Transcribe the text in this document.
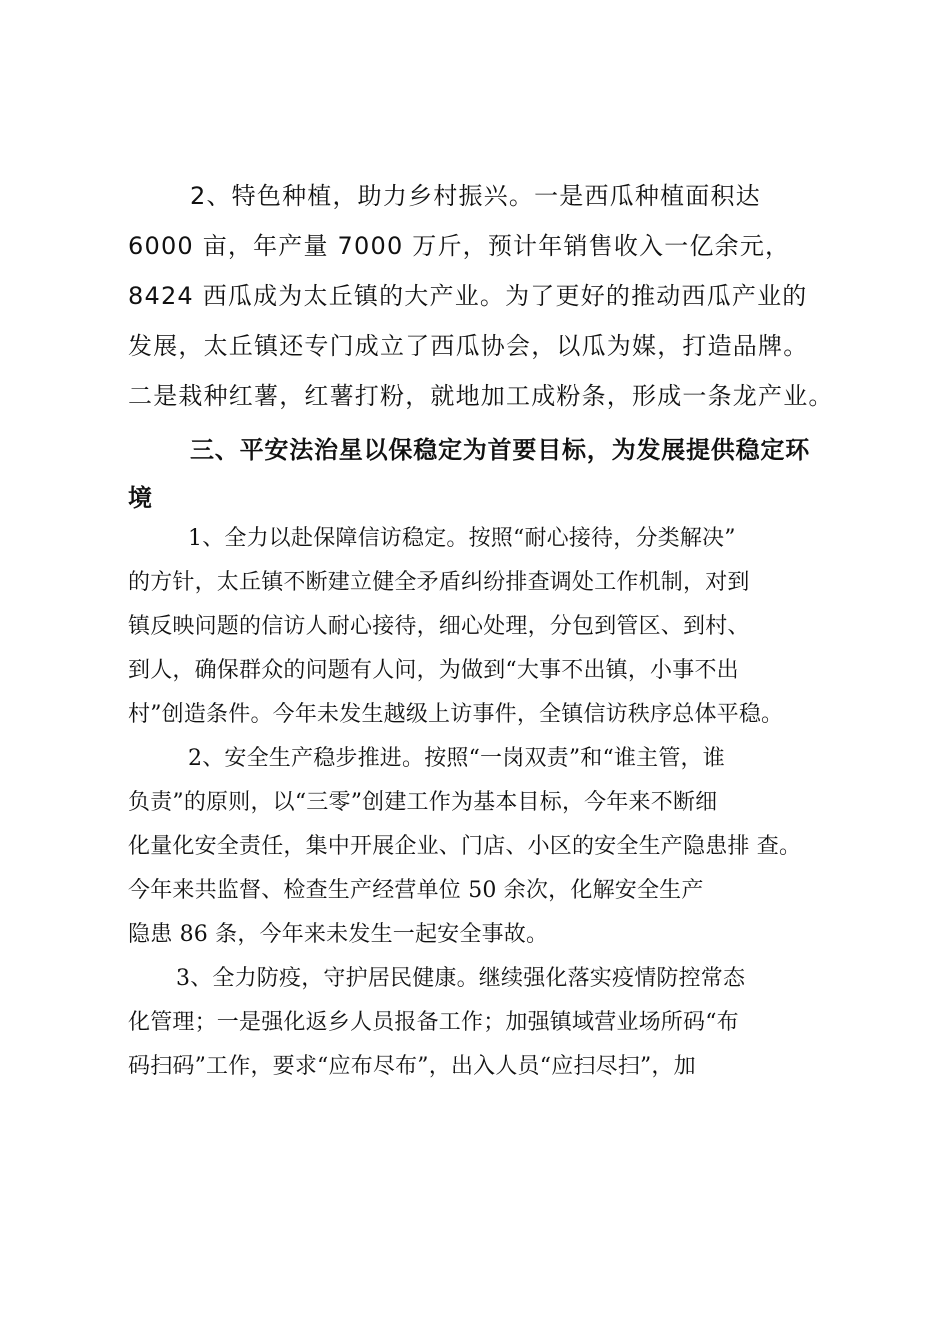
2、特色种植，助力乡村振兴。一是西瓜种植面积达
6000 亩，年产量 7000 万斤，预计年销售收入一亿余元，
8424 西瓜成为太丘镇的大产业。为了更好的推动西瓜产业的
发展，太丘镇还专门成立了西瓜协会，以瓜为媒，打造品牌。
二是栽种红薯，红薯打粉，就地加工成粉条，形成一条龙产业。
三、平安法治星以保稳定为首要目标，为发展提供稳定环
境
1、全力以赴保障信访稳定。按照“耐心接待，分类解决”
的方针，太丘镇不断建立健全矛盾纠纷排查调处工作机制，对到
镇反映问题的信访人耐心接待，细心处理，分包到管区、到村、
到人，确保群众的问题有人问，为做到“大事不出镇，小事不出
村”创造条件。今年未发生越级上访事件，全镇信访秩序总体平稳。
2、安全生产稳步推进。按照“一岗双责”和“谁主管，谁
负责”的原则，以“三零”创建工作为基本目标，今年来不断细
化量化安全责任，集中开展企业、门店、小区的安全生产隐患排 查。
今年来共监督、检查生产经营单位 50 余次，化解安全生产
隐患 86 条，今年来未发生一起安全事故。
3、全力防疫，守护居民健康。继续强化落实疫情防控常态
化管理；一是强化返乡人员报备工作；加强镇域营业场所码“布
码扫码”工作，要求“应布尽布”，出入人员“应扫尽扫”，加
